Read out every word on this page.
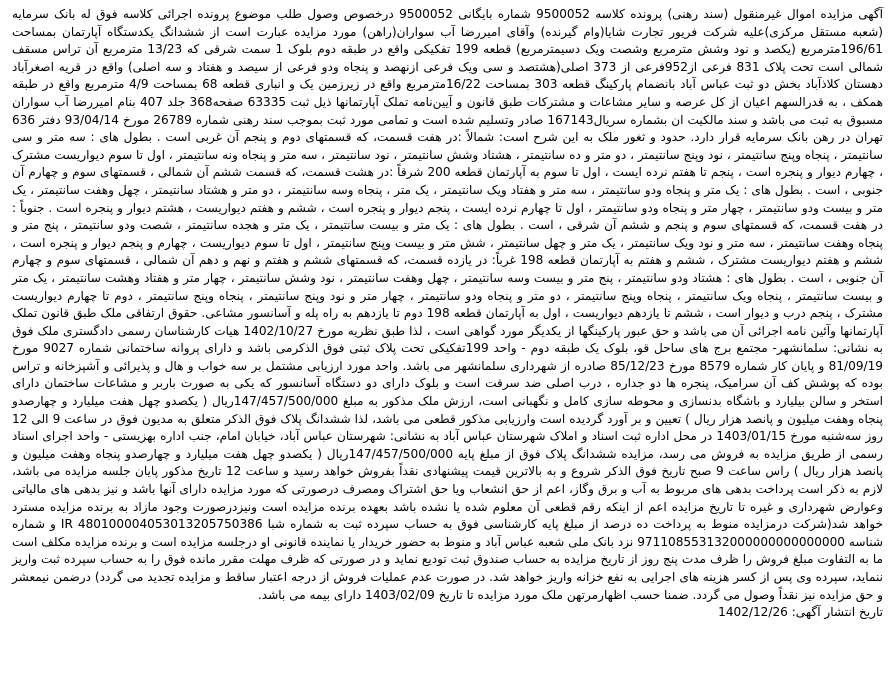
آگهی مزایده اموال غیرمنقول (سند رهنی) پرونده کلاسه 9500052 شماره بایگانی 9500052 درخصوص وصول طلب موضوع پرونده اجرائی کلاسه فوق له بانک سرمایه (شعبه مستقل مرکزی)علیه شرکت فریور تجارت شایا(وام گیرنده) وآقای امیررضا آب سواران(راهن) مورد مزایده عبارت است از ششدانگ یکدستگاه آپارتمان بمساحت 196/61مترمربع (یکصد و نود وشش مترمربع وشصت ویک دسیمترمربع) قطعه 199 تفکیکی واقع در طبقه دوم بلوک 1 سمت شرقی که 13/23 مترمربع آن تراس مسقف شمالی است تحت پلاک 831 فرعی از952فرعی از 373 اصلی(هشتصد و سی ویک فرعی ازنهصد و پنجاه ودو فرعی از سیصد و هفتاد و سه اصلی) واقع در قریه اصغرآباد دهستان کلاذآباد بخش دو ثبت عباس آباد بانضمام پارکینگ قطعه 303 بمساحت 16/22مترمربع واقع در زیرزمین یک و انباری قطعه 68 بمساحت 4/9 مترمربع واقع در طبقه همکف ، به قدرالسهم اعیان از کل عرصه و سایر مشاعات و مشترکات طبق قانون و آیین‌نامه تملک آپارتمانها ذیل ثبت 63335 صفحه368 جلد 407 بنام امیررضا آب سواران مسبوق به ثبت می باشد و سند مالکیت ان بشماره سریال167143 صادر وتسلیم شده است و تمامی مورد ثبت بموجب سند رهنی شماره 26789 مورخ 93/04/14 دفتر 636 تهران در رهن بانک سرمایه قرار دارد. حدود و ثغور ملک به این شرح است: شمالاً :در هفت قسمت، که قسمتهای دوم و پنجم آن غربی است . بطول های : سه متر و سی سانتیمتر ، پنجاه وپنج سانتیمتر ، نود وپنج سانتیمتر ، دو متر و ده سانتیمتر ، هشتاد وشش سانتیمتر ، نود سانتیمتر ، سه متر و پنجاه ونه سانتیمتر ، اول تا سوم دیواریست مشترک ، چهارم دیوار و پنجره است ، پنجم تا هفتم نرده ایست ، اول تا سوم به آپارتمان قطعه 200 شرقاً :در هشت قسمت، که قسمت ششم آن شمالی ، قسمتهای سوم و چهارم آن جنوبی ، است . بطول های : یک متر و پنجاه ودو سانتیمتر ، سه متر و هفتاد ویک سانتیمتر ، یک متر ، پنجاه وسه سانتیمتر ، دو متر و هشتاد سانتیمتر ، چهل وهفت سانتیمتر ، یک متر و بیست ودو سانتیمتر ، چهار متر و پنجاه ودو سانتیمتر ، اول تا چهارم نرده ایست ، پنجم دیوار و پنجره است ، ششم و هفتم دیواریست ، هشتم دیوار و پنجره است . جنوباً : در هفت قسمت، که قسمتهای سوم و پنجم و ششم آن شرقی ، است . بطول های : یک متر و بیست سانتیمتر ، یک متر و هجده سانتیمتر ، شصت ودو سانتیمتر ، پنج متر و پنجاه وهفت سانتیمتر ، سه متر و نود ویک سانتیمتر ، یک متر و چهل سانتیمتر ، شش متر و بیست وپنج سانتیمتر ، اول تا سوم دیواریست ، چهارم و پنجم دیوار و پنجره است ، ششم و هفتم دیواریست مشترک ، ششم و هفتم به آپارتمان قطعه 198 غرباً: در یازده قسمت، که قسمتهای ششم و هفتم و نهم و دهم آن شمالی ، قسمتهای سوم و چهارم آن جنوبی ، است . بطول های : هشتاد ودو سانتیمتر ، پنج متر و بیست وسه سانتیمتر ، چهل وهفت سانتیمتر ، نود وشش سانتیمتر ، چهار متر و هفتاد وهشت سانتیمتر ، یک متر و بیست سانتیمتر ، پنجاه ویک سانتیمتر ، پنجاه وپنج سانتیمتر ، دو متر و پنجاه ودو سانتیمتر ، چهار متر و نود وپنج سانتیمتر ، پنجاه وپنج سانتیمتر ، دوم تا چهارم دیواریست مشترک ، پنجم درب و دیوار است ، ششم تا یازدهم دیواریست ، اول به آپارتمان قطعه 198 دوم تا یازدهم به راه پله و آسانسور مشاعی. حقوق ارتفاقی ملک طبق قانون تملک آپارتمانها وآئین نامه اجرائی آن می باشد و حق عبور پارکینگها از یکدیگر مورد گواهی است ، لذا طبق نظریه مورخ 1402/10/27 هیات کارشناسان رسمی دادگستری ملک فوق به نشانی: سلمانشهر- مجتمع برج های ساحل قو، بلوک یک طبقه دوم - واحد 199تفکیکی تحت پلاک ثبتی فوق الذکرمی باشد و دارای پروانه ساختمانی شماره 9027 مورخ 81/09/19 و پایان کار شماره 8579 مورخ 85/12/23 صادره از شهرداری سلمانشهر می باشد. واحد مورد ارزیابی مشتمل بر سه خواب و هال و پذیرائی و آشپزخانه و تراس بوده که پوشش کف آن سرامیک، پنجره ها دو جداره ، درب اصلی ضد سرقت است و بلوک دارای دو دستگاه آسانسور که یکی به صورت باربر و مشاعات ساختمان دارای استخر و سالن بیلیارد و باشگاه بدنسازی و محوطه سازی کامل و نگهبانی است، ارزش ملک مذکور به مبلغ 147/457/500/000ریال ( یکصدو چهل هفت میلیارد و چهارصدو پنجاه وهفت میلیون و پانصد هزار ریال ) تعیین و بر آورد گردیده است وارزیابی مذکور قطعی می باشد، لذا ششدانگ پلاک فوق الذکر متعلق به مدیون فوق در ساعت 9 الی 12 روز سه‌شنبه مورخ 1403/01/15 در محل اداره ثبت اسناد و املاک شهرستان عباس آباد به نشانی: شهرستان عباس آباد، خیابان امام، جنب اداره بهزیستی - واحد اجرای اسناد رسمی از طریق مزایده به فروش می رسد، مزایده ششدانگ پلاک فوق از مبلغ پایه 147/457/500/000ریال ( یکصدو چهل هفت میلیارد و چهارصدو پنجاه وهفت میلیون و پانصد هزار ریال ) راس ساعت 9 صبح تاریخ فوق الذکر شروع و به بالاترین قیمت پیشنهادی نقداً بفروش خواهد رسید و ساعت 12 تاریخ مذکور پایان جلسه مزایده می باشد، لازم به ذکر است پرداخت بدهی های مربوط به آب و برق وگاز، اعم از حق انشعاب ویا حق اشتراک ومصرف درصورتی که مورد مزایده دارای آنها باشد و نیز بدهی های مالیاتی وعوارض شهرداری و غیره تا تاریخ مزایده اعم از اینکه رقم قطعی آن معلوم شده یا نشده باشد بعهده برنده مزایده است ونیزدرصورت وجود مازاد به برنده مزایده مسترد خواهد شد(شرکت درمزایده منوط به پرداخت ده درصد از مبلغ پایه کارشناسی فوق به حساب سپرده ثبت به شماره شبا 480100004053013205750386 IR و شماره شناسه 971108553132000000000000000 نزد بانک ملی شعبه عباس آباد و منوط به حضور خریدار یا نماینده قانونی او درجلسه مزایده است و برنده مزایده مکلف است ما به التفاوت مبلغ فروش را ظرف مدت پنج روز از تاریخ مزایده به حساب صندوق ثبت تودیع نماید و در صورتی که ظرف مهلت مقرر مانده فوق را به حساب سپرده ثبت واریز ننماید، سپرده وی پس از کسر هزینه های اجرایی به نفع خزانه واریز خواهد شد. در صورت عدم عملیات فروش از درجه اعتبار ساقط و مزایده تجدید می گردد) درضمن نیمعشر و حق مزایده نیز نقداً وصول می گردد. ضمنا حسب اظهارمرتهن ملک مورد مزایده تا تاریخ 1403/02/09 دارای بیمه می باشد.

تاریخ انتشار آگهی: 1402/12/26
